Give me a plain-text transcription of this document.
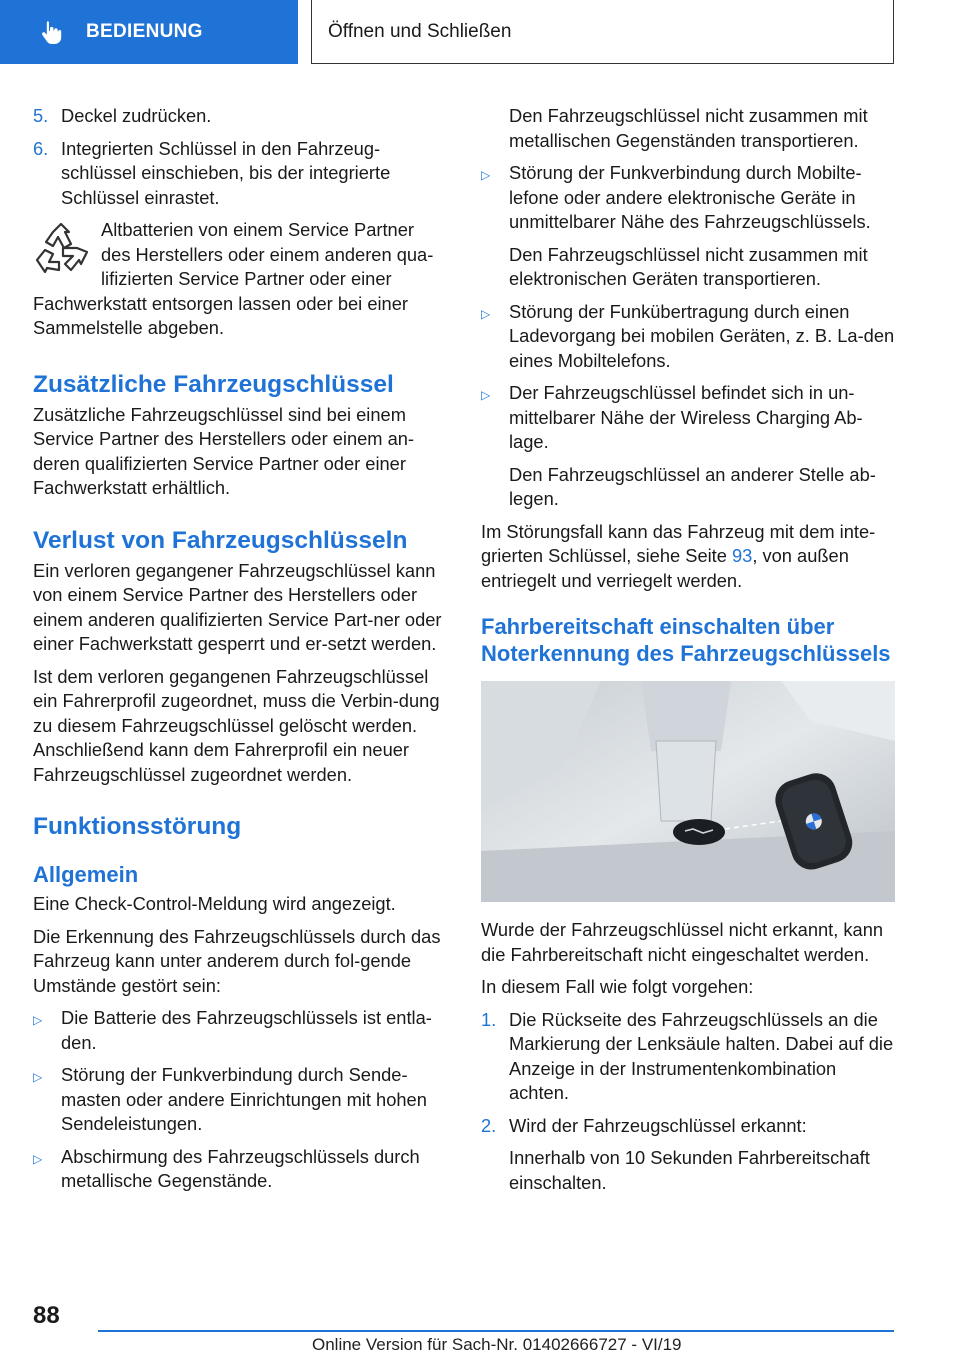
BEDIENUNG	Öffnen und Schließen
5. Deckel zudrücken.
6. Integrierten Schlüssel in den Fahrzeug-schlüssel einschieben, bis der integrierte Schlüssel einrastet.
Altbatterien von einem Service Partner des Herstellers oder einem anderen qua-lifizierten Service Partner oder einer Fachwerkstatt entsorgen lassen oder bei einer Sammelstelle abgeben.
Zusätzliche Fahrzeugschlüssel

Zusätzliche Fahrzeugschlüssel sind bei einem Service Partner des Herstellers oder einem an-deren qualifizierten Service Partner oder einer Fachwerkstatt erhältlich.

Verlust von Fahrzeugschlüsseln

Ein verloren gegangener Fahrzeugschlüssel kann von einem Service Partner des Herstellers oder einem anderen qualifizierten Service Part-ner oder einer Fachwerkstatt gesperrt und er-setzt werden.

Ist dem verloren gegangenen Fahrzeugschlüssel ein Fahrerprofil zugeordnet, muss die Verbin-dung zu diesem Fahrzeugschlüssel gelöscht werden. Anschließend kann dem Fahrerprofil ein neuer Fahrzeugschlüssel zugeordnet werden.

Funktionsstörung
Allgemein

Eine Check-Control-Meldung wird angezeigt.

Die Erkennung des Fahrzeugschlüssels durch das Fahrzeug kann unter anderem durch fol-gende Umstände gestört sein:

▷	Die Batterie des Fahrzeugschlüssels ist entla-den.
▷	Störung der Funkverbindung durch Sende-masten oder andere Einrichtungen mit hohen Sendeleistungen.
▷	Abschirmung des Fahrzeugschlüssels durch metallische Gegenstände.

Den Fahrzeugschlüssel nicht zusammen mit metallischen Gegenständen transportieren.

▷	Störung der Funkverbindung durch Mobilte-lefone oder andere elektronische Geräte in unmittelbarer Nähe des Fahrzeugschlüssels.

Den Fahrzeugschlüssel nicht zusammen mit elektronischen Geräten transportieren.

▷	Störung der Funkübertragung durch einen Ladevorgang bei mobilen Geräten, z. B. La-den eines Mobiltelefons.
▷	Der Fahrzeugschlüssel befindet sich in un-mittelbarer Nähe der Wireless Charging Ab-lage.

Den Fahrzeugschlüssel an anderer Stelle ab-legen.

Im Störungsfall kann das Fahrzeug mit dem inte-grierten Schlüssel, siehe Seite 93, von außen entriegelt und verriegelt werden.

Fahrbereitschaft einschalten über Noterkennung des Fahrzeugschlüssels

Wurde der Fahrzeugschlüssel nicht erkannt, kann die Fahrbereitschaft nicht eingeschaltet werden.

In diesem Fall wie folgt vorgehen:

1. Die Rückseite des Fahrzeugschlüssels an die Markierung der Lenksäule halten. Dabei auf die Anzeige in der Instrumentenkombination achten.
2. Wird der Fahrzeugschlüssel erkannt:

Innerhalb von 10 Sekunden Fahrbereitschaft einschalten.

88
Online Version für Sach-Nr. 01402666727 - VI/19
